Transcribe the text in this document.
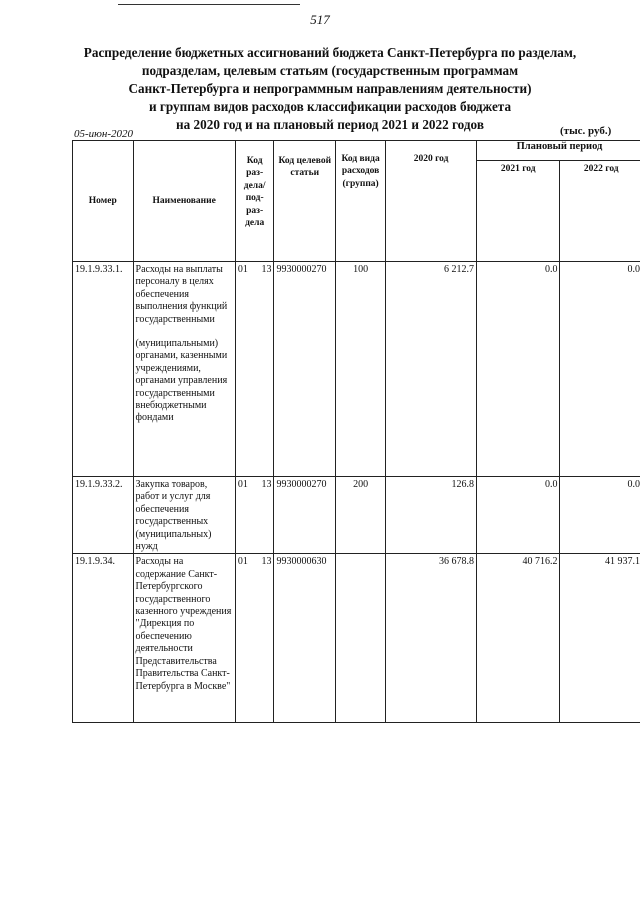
517
Распределение бюджетных ассигнований бюджета Санкт-Петербурга по разделам,
подразделам, целевым статьям (государственным программам
Санкт-Петербурга и непрограммным направлениям деятельности)
и группам видов расходов классификации расходов бюджета
на 2020 год и на плановый период 2021 и 2022 годов
05-июн-2020	(тыс. руб.)
Номер	Наименование	Код раз-дела/под-раз-дела	Код целевой статьи	Код вида расходов (группа)	2020 год	Плановый период	
						2021 год	2022 год
19.1.9.33.1.	Расходы на выплаты персоналу в целях обеспечения выполнения функций государственными
(муниципальными) органами, казенными учреждениями, органами управления государственными внебюджетными фондами	01 13	9930000270	100	6 212.7	0.0	0.0
19.1.9.33.2.	Закупка товаров, работ и услуг для обеспечения государственных (муниципальных) нужд	01 13	9930000270	200	126.8	0.0	0.0
19.1.9.34.	Расходы на содержание Санкт-Петербургского государственного казенного учреждения "Дирекция по обеспечению деятельности Представительства Правительства Санкт-Петербурга в Москве"	01 13	9930000630		36 678.8	40 716.2	41 937.1
